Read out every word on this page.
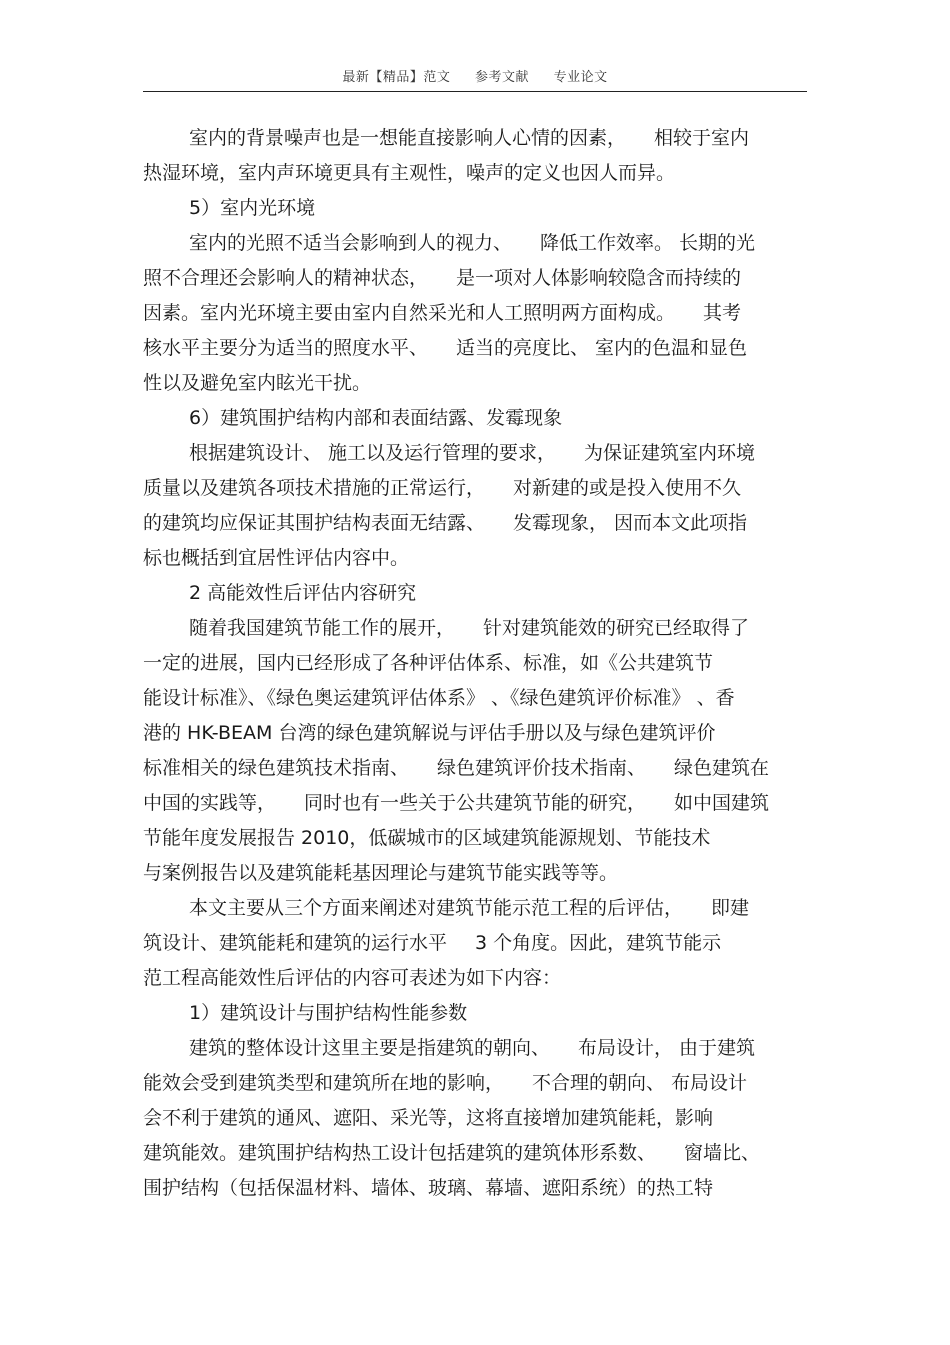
最新【精品】范文 参考文献 专业论文
室内的背景噪声也是一想能直接影响人心情的因素， 相较于室内
热湿环境，室内声环境更具有主观性，噪声的定义也因人而异。
5）室内光环境
室内的光照不适当会影响到人的视力、 降低工作效率。 长期的光
照不合理还会影响人的精神状态， 是一项对人体影响较隐含而持续的
因素。室内光环境主要由室内自然采光和人工照明两方面构成。 其考
核水平主要分为适当的照度水平、 适当的亮度比、 室内的色温和显色
性以及避免室内眩光干扰。
6）建筑围护结构内部和表面结露、发霉现象
根据建筑设计、 施工以及运行管理的要求， 为保证建筑室内环境
质量以及建筑各项技术措施的正常运行， 对新建的或是投入使用不久
的建筑均应保证其围护结构表面无结露、 发霉现象， 因而本文此项指
标也概括到宜居性评估内容中。
2 高能效性后评估内容研究
随着我国建筑节能工作的展开， 针对建筑能效的研究已经取得了
一定的进展，国内已经形成了各种评估体系、标准，如《公共建筑节
能设计标准》、《绿色奥运建筑评估体系》 、《绿色建筑评价标准》 、香
港的 HK-BEAM 台湾的绿色建筑解说与评估手册以及与绿色建筑评价
标准相关的绿色建筑技术指南、 绿色建筑评价技术指南、 绿色建筑在
中国的实践等， 同时也有一些关于公共建筑节能的研究， 如中国建筑
节能年度发展报告 2010，低碳城市的区域建筑能源规划、节能技术
与案例报告以及建筑能耗基因理论与建筑节能实践等等。
本文主要从三个方面来阐述对建筑节能示范工程的后评估， 即建
筑设计、建筑能耗和建筑的运行水平 3 个角度。因此，建筑节能示
范工程高能效性后评估的内容可表述为如下内容：
1）建筑设计与围护结构性能参数
建筑的整体设计这里主要是指建筑的朝向、 布局设计， 由于建筑
能效会受到建筑类型和建筑所在地的影响， 不合理的朝向、 布局设计
会不利于建筑的通风、遮阳、采光等，这将直接增加建筑能耗，影响
建筑能效。建筑围护结构热工设计包括建筑的建筑体形系数、 窗墙比、
围护结构（包括保温材料、墙体、玻璃、幕墙、遮阳系统）的热工特
